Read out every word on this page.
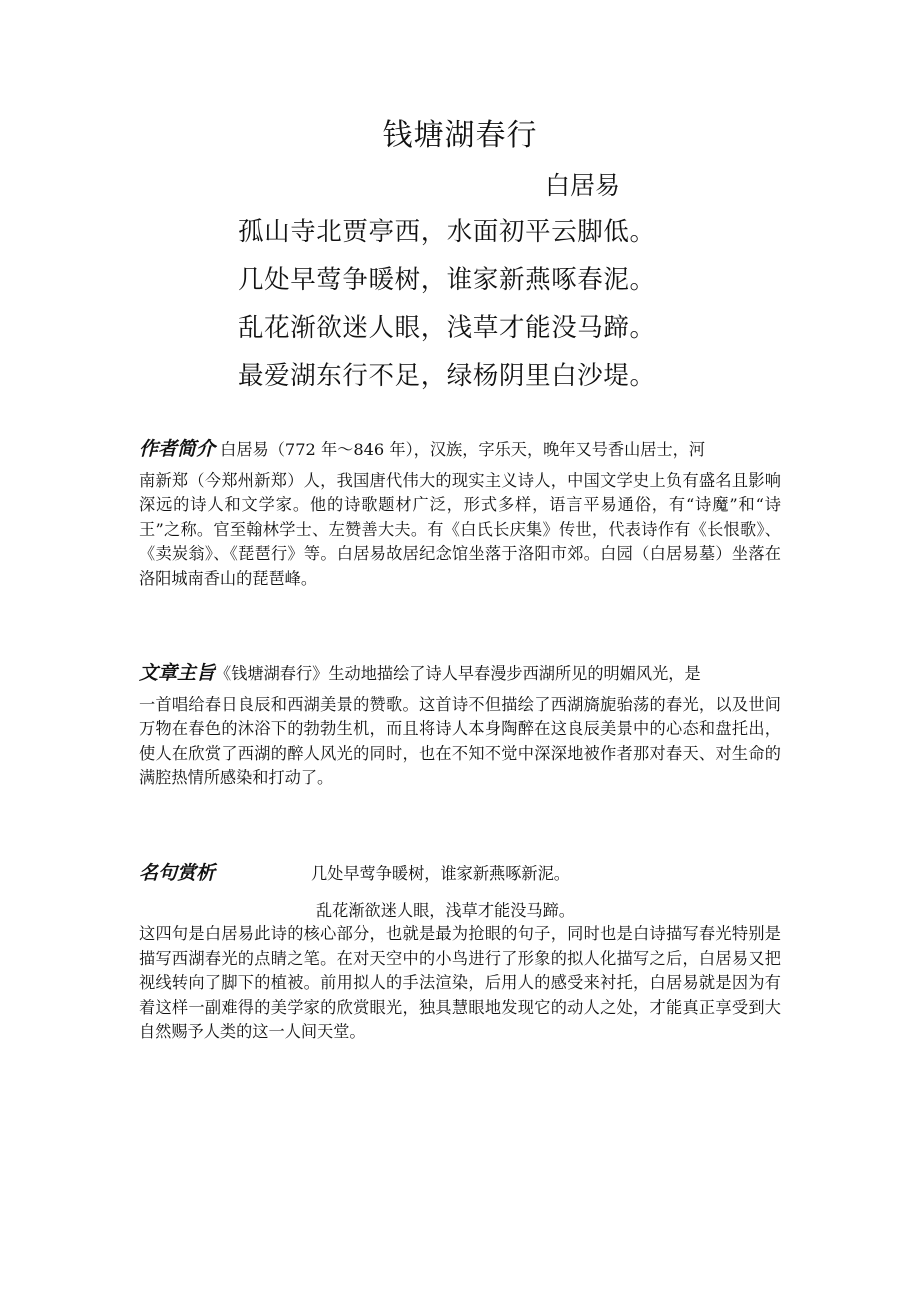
钱塘湖春行
白居易
孤山寺北贾亭西，水面初平云脚低。
几处早莺争暖树，谁家新燕啄春泥。
乱花渐欲迷人眼，浅草才能没马蹄。
最爱湖东行不足，绿杨阴里白沙堤。
作者简介 白居易（772 年～846 年），汉族，字乐天，晚年又号香山居士，河
南新郑（今郑州新郑）人，我国唐代伟大的现实主义诗人，中国文学史上负有盛名且影响深远的诗人和文学家。他的诗歌题材广泛，形式多样，语言平易通俗，有“诗魔”和“诗王”之称。官至翰林学士、左赞善大夫。有《白氏长庆集》传世，代表诗作有《长恨歌》、《卖炭翁》、《琵琶行》等。白居易故居纪念馆坐落于洛阳市郊。白园（白居易墓）坐落在洛阳城南香山的琵琶峰。
文章主旨《钱塘湖春行》生动地描绘了诗人早春漫步西湖所见的明媚风光，是
一首唱给春日良辰和西湖美景的赞歌。这首诗不但描绘了西湖旖旎骀荡的春光，以及世间万物在春色的沐浴下的勃勃生机，而且将诗人本身陶醉在这良辰美景中的心态和盘托出，使人在欣赏了西湖的醉人风光的同时，也在不知不觉中深深地被作者那对春天、对生命的满腔热情所感染和打动了。
名句赏析	几处早莺争暖树，谁家新燕啄新泥。
乱花渐欲迷人眼，浅草才能没马蹄。
这四句是白居易此诗的核心部分，也就是最为抢眼的句子，同时也是白诗描写春光特别是描写西湖春光的点睛之笔。在对天空中的小鸟进行了形象的拟人化描写之后，白居易又把视线转向了脚下的植被。前用拟人的手法渲染，后用人的感受来衬托，白居易就是因为有着这样一副难得的美学家的欣赏眼光，独具慧眼地发现它的动人之处，才能真正享受到大自然赐予人类的这一人间天堂。
